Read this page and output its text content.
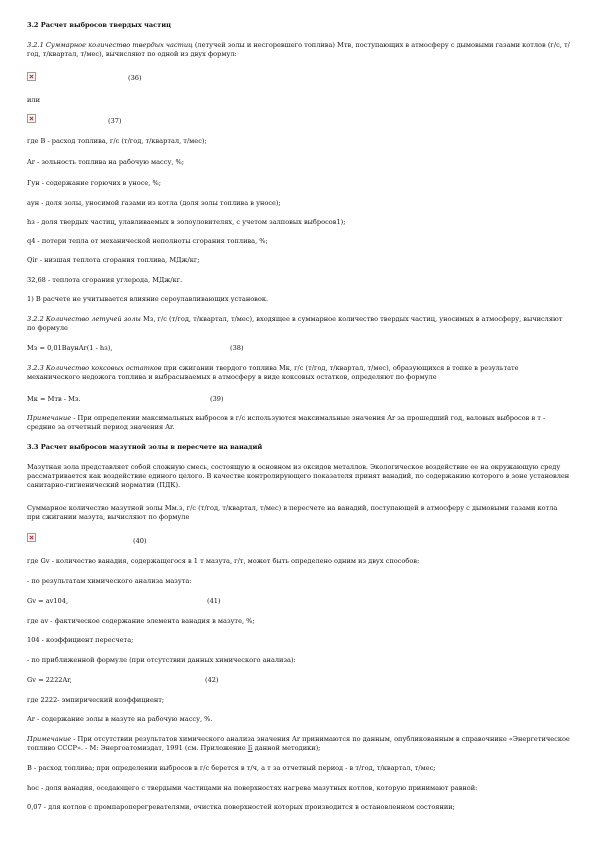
3.2 Расчет выбросов твердых частиц
3.2.1 Суммарное количество твердых частиц (летучей золы и несгоревшего топлива) Мтв, поступающих в атмосферу с дымовыми газами котлов (г/с, т/год, т/квартал, т/мес), вычисляют по одной из двух формул:
(36)
или
(37)
где B - расход топлива, г/с (т/год, т/квартал, т/мес);
Ar - зольность топлива на рабочую массу, %;
Гун - содержание горючих в уносе, %;
aун - доля золы, уносимой газами из котла (доля золы топлива в уносе);
hз - доля твердых частиц, улавливаемых в золоуловителях, с учетом залповых выбросов1);
q4 - потери тепла от механической неполноты сгорания топлива, %;
Qir - низшая теплота сгорания топлива, МДж/кг;
32,68 - теплота сгорания углерода, МДж/кг.
1) В расчете не учитывается влияние сероулавливающих установок.
3.2.2 Количество летучей золы Мз, г/с (т/год, т/квартал, т/мес), входящее в суммарное количество твердых частиц, уносимых в атмосферу, вычисляют по формуле
Мз = 0,01BaунAr(1 - hз),	(38)
3.2.3 Количество коксовых остатков при сжигании твердого топлива Мк, г/с (т/год, т/квартал, т/мес), образующихся в топке в результате механического недожога топлива и выбрасываемых в атмосферу в виде коксовых остатков, определяют по формуле
Мк = Мтв - Мз.	(39)
Примечание - При определении максимальных выбросов в г/с используются максимальные значения Ar за прошедший год, валовых выбросов в т - средние за отчетный период значения Ar.
3.3 Расчет выбросов мазутной золы в пересчете на ванадий
Мазутная зола представляет собой сложную смесь, состоящую в основном из оксидов металлов. Экологическое воздействие ее на окружающую среду рассматривается как воздействие единого целого. В качестве контролирующего показателя принят ванадий, по содержанию которого в зоне установлен санитарно-гигиенический норматив (ПДК).
Суммарное количество мазутной золы Мм.з, г/с (т/год, т/квартал, т/мес) в пересчете на ванадий, поступающей в атмосферу с дымовыми газами котла при сжигании мазута, вычисляют по формуле
(40)
где Gv - количество ванадия, содержащегося в 1 т мазута, г/т, может быть определено одним из двух способов:
- по результатам химического анализа мазута:
Gv = av104,	(41)
где av - фактическое содержание элемента ванадия в мазуте, %;
104 - коэффициент пересчета;
- по приближенной формуле (при отсутствии данных химического анализа):
Gv = 2222Ar,	(42)
где 2222- эмпирический коэффициент;
Ar - содержание золы в мазуте на рабочую массу, %.
Примечание - При отсутствии результатов химического анализа значения Ar принимаются по данным, опубликованным в справочнике «Энергетическое топливо СССР». - М: Энергоатомиздат, 1991 (см. Приложение Б данной методики);
B - расход топлива; при определении выбросов в г/с берется в т/ч, а т за отчетный период - в т/год, т/квартал, т/мес;
hос - доля ванадия, оседающего с твердыми частицами на поверхностях нагрева мазутных котлов, которую принимают равной:
0,07 - для котлов с промпароперегревателями, очистка поверхностей которых производится в остановленном состоянии;
